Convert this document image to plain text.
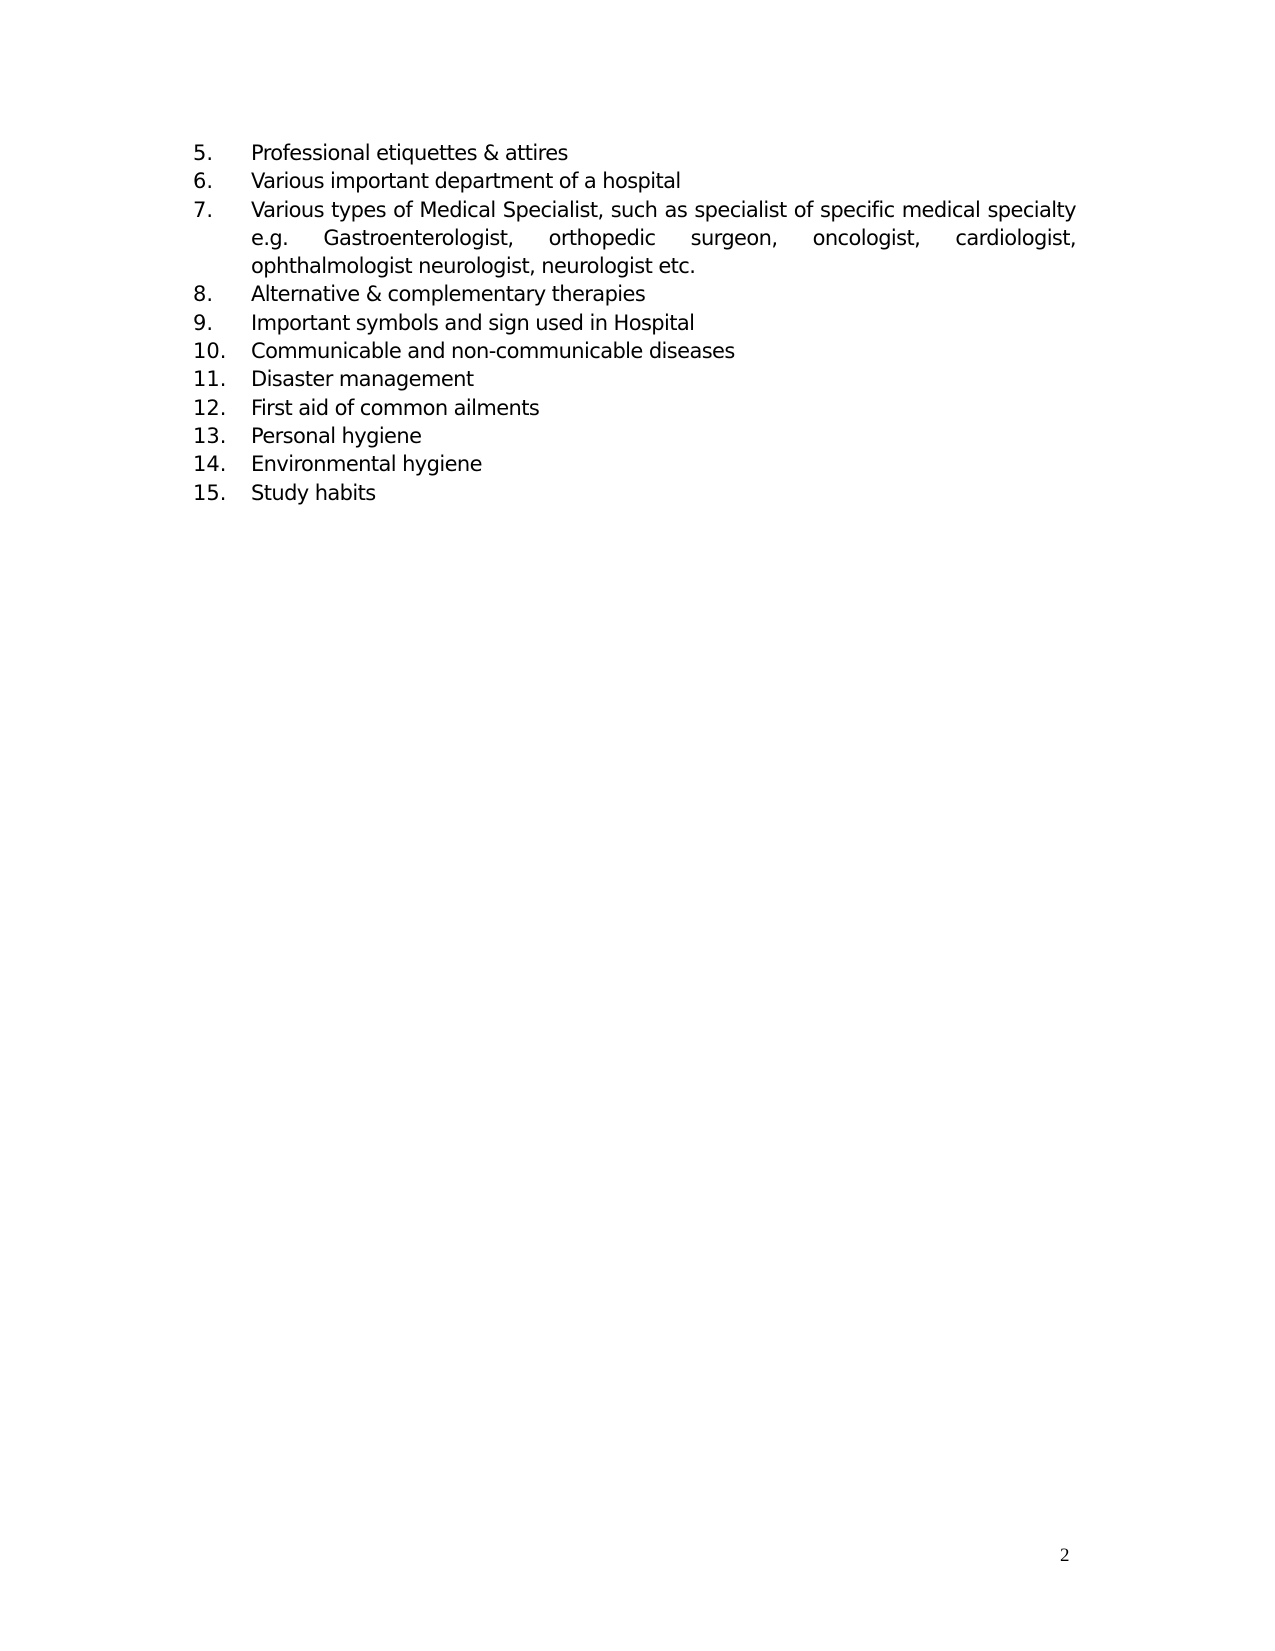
5.	Professional etiquettes & attires
6.	Various important department of a hospital
7.	Various types of Medical Specialist, such as specialist of specific medical specialty e.g. Gastroenterologist, orthopedic surgeon, oncologist, cardiologist, ophthalmologist neurologist, neurologist etc.
8.	Alternative & complementary therapies
9.	Important symbols and sign used in Hospital
10.	Communicable and non-communicable diseases
11.	Disaster management
12.	First aid of common ailments
13.	Personal hygiene
14.	Environmental hygiene
15.	Study habits
2
